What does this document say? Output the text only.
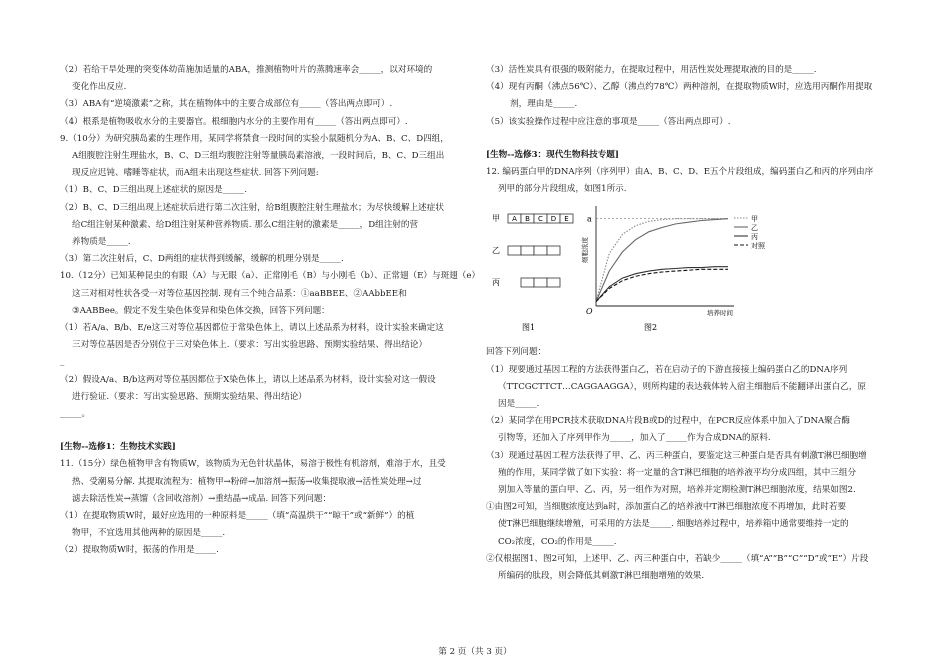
（2）若给干旱处理的突变体幼苗施加适量的ABA，推测植物叶片的蒸腾速率会_____，以对环境的
变化作出反应.
（3）ABA有“逆境激素”之称，其在植物体中的主要合成部位有_____（答出两点即可）.
（4）根系是植物吸收水分的主要器官。根细胞内水分的主要作用有_____（答出两点即可）.
9.（10分）为研究胰岛素的生理作用，某同学将禁食一段时间的实验小鼠随机分为A、B、C、D四组，
A组腹腔注射生理盐水，B、C、D三组均腹腔注射等量胰岛素溶液，一段时间后，B、C、D三组出
现反应迟钝、嗜睡等症状，而A组未出现这些症状. 回答下列问题:
（1）B、C、D三组出现上述症状的原因是_____.
（2）B、C、D三组出现上述症状后进行第二次注射，给B组腹腔注射生理盐水；为尽快缓解上述症状
给C组注射某种激素、给D组注射某种营养物质. 那么C组注射的激素是_____，D组注射的营
养物质是_____.
（3）第二次注射后，C、D两组的症状得到缓解，缓解的机理分别是_____.
10.（12分）已知某种昆虫的有眼（A）与无眼（a）、正常刚毛（B）与小刚毛（b）、正常翅（E）与斑翅（e）
这三对相对性状各受一对等位基因控制. 现有三个纯合品系：①aaBBEE、②AAbbEE和
③AABBee。假定不发生染色体变异和染色体交换，回答下列问题：
（1）若A/a、B/b、E/e这三对等位基因都位于常染色体上，请以上述品系为材料，设计实验来确定这
三对等位基因是否分别位于三对染色体上.（要求：写出实验思路、预期实验结果、得出结论）
_
（2）假设A/a、B/b这两对等位基因都位于X染色体上，请以上述品系为材料，设计实验对这一假设
进行验证.（要求：写出实验思路、预期实验结果、得出结论）
_____。
[生物--选修1：生物技术实践]
11.（15分）绿色植物甲含有物质W，该物质为无色针状晶体，易溶于极性有机溶剂，难溶于水，且受
热、受潮易分解. 其提取流程为：植物甲→粉碎→加溶剂→振荡→收集提取液→活性炭处理→过
滤去除活性炭→蒸馏（含回收溶剂）→重结晶→成品. 回答下列问题：
（1）在提取物质W时，最好应选用的一种原料是_____（填“高温烘干”“晾干”或“新鲜”）的植
物甲，不宜选用其他两种的原因是_____.
（2）提取物质W时，振荡的作用是_____.
（3）活性炭具有很强的吸附能力，在提取过程中，用活性炭处理提取液的目的是_____.
（4）现有丙酮（沸点56℃）、乙醇（沸点约78℃）两种溶剂，在提取物质W时，应选用丙酮作用提取
剂，理由是_____.
（5）该实验操作过程中应注意的事项是_____（答出两点即可）.
[生物--选修3：现代生物科技专题]
12. 编码蛋白甲的DNA序列（序列甲）由A、B、C、D、E五个片段组成，编码蛋白乙和丙的序列由序
列甲的部分片段组成，如图1所示.
甲 A B C D E
乙
丙
图1
O
a
细胞浓度
培养时间
甲
乙
丙
对照
图2
回答下列问题：
（1）现要通过基因工程的方法获得蛋白乙，若在启动子的下游直接接上编码蛋白乙的DNA序列
（TTCGCTTCT…CAGGAAGGA），则所构建的表达载体转入宿主细胞后不能翻译出蛋白乙，原
因是_____.
（2）某同学在用PCR技术获取DNA片段B或D的过程中，在PCR反应体系中加入了DNA聚合酶
引物等，还加入了序列甲作为_____，加入了_____作为合成DNA的原料.
（3）现通过基因工程方法获得了甲、乙、丙三种蛋白，要鉴定这三种蛋白是否具有刺激T淋巴细胞增
殖的作用，某同学做了如下实验：将一定量的含T淋巴细胞的培养液平均分成四组，其中三组分
别加入等量的蛋白甲、乙、丙，另一组作为对照，培养并定期检测T淋巴细胞浓度，结果如图2.
①由图2可知，当细胞浓度达到a时，添加蛋白乙的培养液中T淋巴细胞浓度不再增加，此时若要
使T淋巴细胞继续增殖，可采用的方法是_____. 细胞培养过程中，培养箱中通常要维持一定的
CO₂浓度，CO₂的作用是_____.
②仅根据图1、图2可知，上述甲、乙、丙三种蛋白中，若缺少_____（填“A”“B”“C”“D”或“E”）片段
所编码的肽段，则会降低其刺激T淋巴细胞增殖的效果.
第 2 页（共 3 页）
